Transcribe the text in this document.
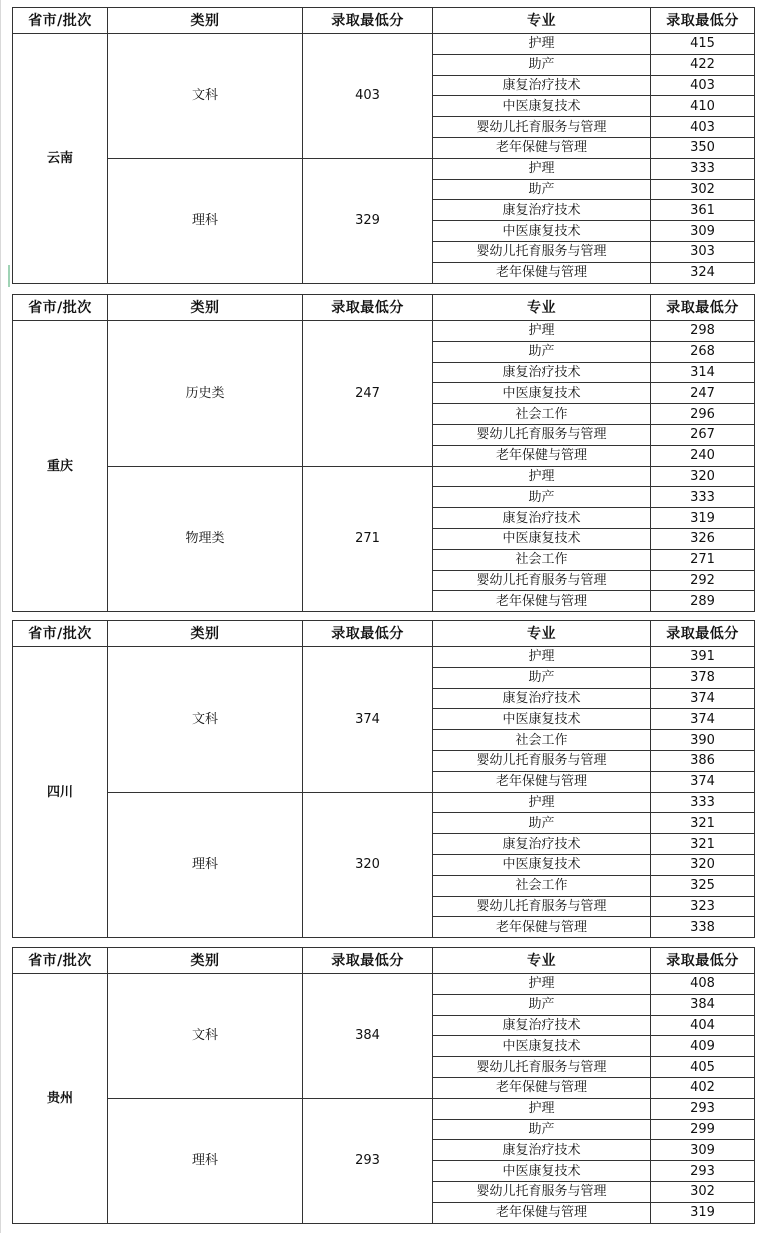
省市/批次	类别	录取最低分	专业	录取最低分
云南	文科	403	护理	415
			助产	422
			康复治疗技术	403
			中医康复技术	410
			婴幼儿托育服务与管理	403
			老年保健与管理	350
	理科	329	护理	333
			助产	302
			康复治疗技术	361
			中医康复技术	309
			婴幼儿托育服务与管理	303
			老年保健与管理	324
省市/批次	类别	录取最低分	专业	录取最低分
重庆	历史类	247	护理	298
			助产	268
			康复治疗技术	314
			中医康复技术	247
			社会工作	296
			婴幼儿托育服务与管理	267
			老年保健与管理	240
	物理类	271	护理	320
			助产	333
			康复治疗技术	319
			中医康复技术	326
			社会工作	271
			婴幼儿托育服务与管理	292
			老年保健与管理	289
省市/批次	类别	录取最低分	专业	录取最低分
四川	文科	374	护理	391
			助产	378
			康复治疗技术	374
			中医康复技术	374
			社会工作	390
			婴幼儿托育服务与管理	386
			老年保健与管理	374
	理科	320	护理	333
			助产	321
			康复治疗技术	321
			中医康复技术	320
			社会工作	325
			婴幼儿托育服务与管理	323
			老年保健与管理	338
省市/批次	类别	录取最低分	专业	录取最低分
贵州	文科	384	护理	408
			助产	384
			康复治疗技术	404
			中医康复技术	409
			婴幼儿托育服务与管理	405
			老年保健与管理	402
	理科	293	护理	293
			助产	299
			康复治疗技术	309
			中医康复技术	293
			婴幼儿托育服务与管理	302
			老年保健与管理	319
